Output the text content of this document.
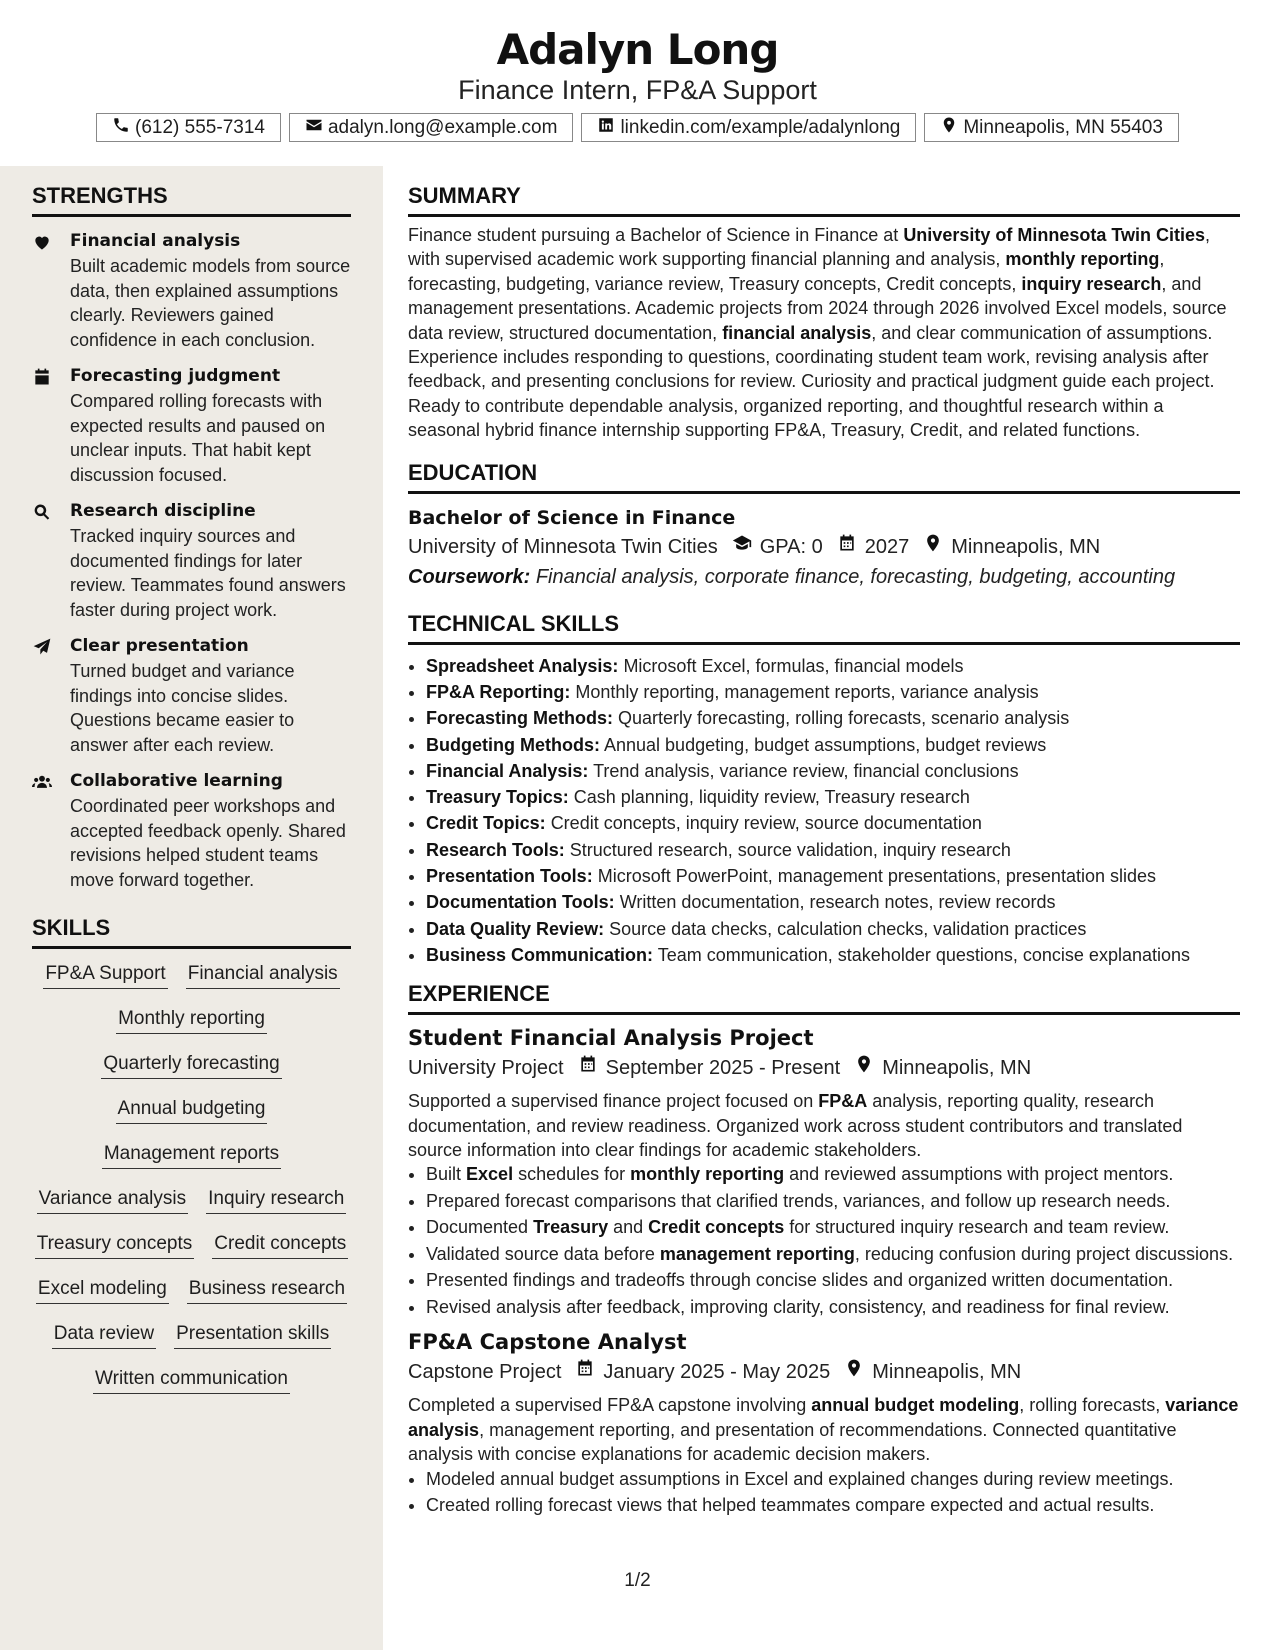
Adalyn Long
Finance Intern, FP&A Support
(612) 555-7314	adalyn.long@example.com	linkedin.com/example/adalynlong	Minneapolis, MN 55403
STRENGTHS
Financial analysis
Built academic models from source data, then explained assumptions clearly. Reviewers gained confidence in each conclusion.
Forecasting judgment
Compared rolling forecasts with expected results and paused on unclear inputs. That habit kept discussion focused.
Research discipline
Tracked inquiry sources and documented findings for later review. Teammates found answers faster during project work.
Clear presentation
Turned budget and variance findings into concise slides. Questions became easier to answer after each review.
Collaborative learning
Coordinated peer workshops and accepted feedback openly. Shared revisions helped student teams move forward together.
SKILLS
FP&A Support Financial analysis
Monthly reporting
Quarterly forecasting
Annual budgeting
Management reports
Variance analysis Inquiry research
Treasury concepts Credit concepts
Excel modeling Business research
Data review Presentation skills
Written communication
SUMMARY

Finance student pursuing a Bachelor of Science in Finance at University of Minnesota Twin Cities, with supervised academic work supporting financial planning and analysis, monthly reporting, forecasting, budgeting, variance review, Treasury concepts, Credit concepts, inquiry research, and management presentations. Academic projects from 2024 through 2026 involved Excel models, source data review, structured documentation, financial analysis, and clear communication of assumptions. Experience includes responding to questions, coordinating student team work, revising analysis after feedback, and presenting conclusions for review. Curiosity and practical judgment guide each project. Ready to contribute dependable analysis, organized reporting, and thoughtful research within a seasonal hybrid finance internship supporting FP&A, Treasury, Credit, and related functions.

EDUCATION
Bachelor of Science in Finance
University of Minnesota Twin Cities GPA: 0 2027 Minneapolis, MN
Coursework: Financial analysis, corporate finance, forecasting, budgeting, accounting
TECHNICAL SKILLS
• Spreadsheet Analysis: Microsoft Excel, formulas, financial models
• FP&A Reporting: Monthly reporting, management reports, variance analysis
• Forecasting Methods: Quarterly forecasting, rolling forecasts, scenario analysis
• Budgeting Methods: Annual budgeting, budget assumptions, budget reviews
• Financial Analysis: Trend analysis, variance review, financial conclusions
• Treasury Topics: Cash planning, liquidity review, Treasury research
• Credit Topics: Credit concepts, inquiry review, source documentation
• Research Tools: Structured research, source validation, inquiry research
• Presentation Tools: Microsoft PowerPoint, management presentations, presentation slides
• Documentation Tools: Written documentation, research notes, review records
• Data Quality Review: Source data checks, calculation checks, validation practices
• Business Communication: Team communication, stakeholder questions, concise explanations
EXPERIENCE
Student Financial Analysis Project
University Project September 2025 - Present Minneapolis, MN

Supported a supervised finance project focused on FP&A analysis, reporting quality, research documentation, and review readiness. Organized work across student contributors and translated source information into clear findings for academic stakeholders.

• Built Excel schedules for monthly reporting and reviewed assumptions with project mentors.
• Prepared forecast comparisons that clarified trends, variances, and follow up research needs.
• Documented Treasury and Credit concepts for structured inquiry research and team review.
• Validated source data before management reporting, reducing confusion during project discussions.
• Presented findings and tradeoffs through concise slides and organized written documentation.
• Revised analysis after feedback, improving clarity, consistency, and readiness for final review.
FP&A Capstone Analyst
Capstone Project January 2025 - May 2025 Minneapolis, MN

Completed a supervised FP&A capstone involving annual budget modeling, rolling forecasts, variance analysis, management reporting, and presentation of recommendations. Connected quantitative analysis with concise explanations for academic decision makers.

• Modeled annual budget assumptions in Excel and explained changes during review meetings.
• Created rolling forecast views that helped teammates compare expected and actual results.
1/2
